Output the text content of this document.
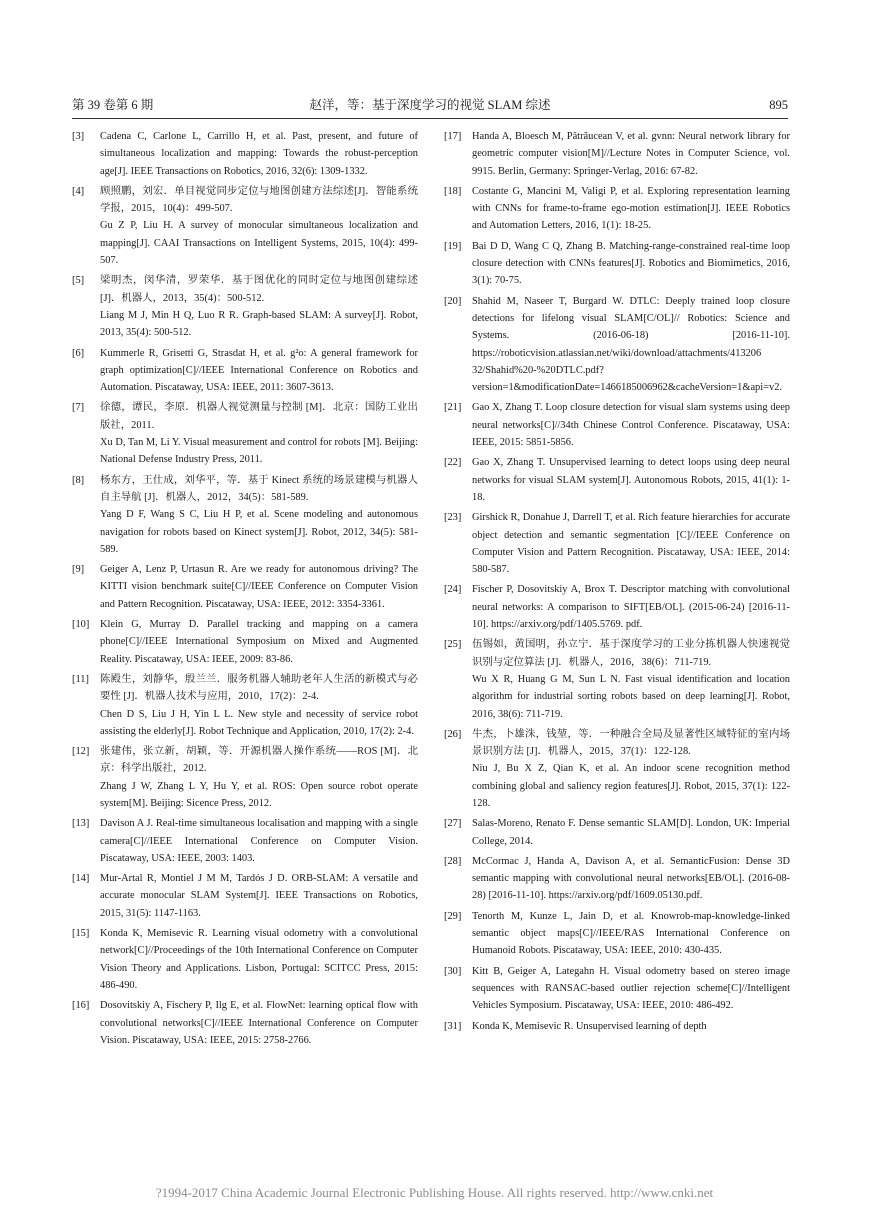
第 39 卷第 6 期	赵洋，等：基于深度学习的视觉 SLAM 综述	895
[3] Cadena C, Carlone L, Carrillo H, et al. Past, present, and future of simultaneous localization and mapping: Towards the robust-perception age[J]. IEEE Transactions on Robotics, 2016, 32(6): 1309-1332.

[4] 顾照鹏，刘宏．单目视觉同步定位与地图创建方法综述[J]．智能系统学报，2015，10(4)：499-507.

Gu Z P, Liu H. A survey of monocular simultaneous localization and mapping[J]. CAAI Transactions on Intelligent Systems, 2015, 10(4): 499-507.

[5] 梁明杰，闵华清，罗荣华．基于图优化的同时定位与地图创建综述 [J]．机器人，2013，35(4)：500-512.

Liang M J, Min H Q, Luo R R. Graph-based SLAM: A survey[J]. Robot, 2013, 35(4): 500-512.

[6] Kummerle R, Grisetti G, Strasdat H, et al. g²o: A general framework for graph optimization[C]//IEEE International Conference on Robotics and Automation. Piscataway, USA: IEEE, 2011: 3607-3613.

[7] 徐德，谭民，李原．机器人视觉测量与控制 [M]．北京：国防工业出版社，2011.

Xu D, Tan M, Li Y. Visual measurement and control for robots [M]. Beijing: National Defense Industry Press, 2011.

[8] 杨东方，王仕成，刘华平，等．基于 Kinect 系统的场景建模与机器人自主导航 [J]．机器人，2012，34(5)：581-589.

Yang D F, Wang S C, Liu H P, et al. Scene modeling and autonomous navigation for robots based on Kinect system[J]. Robot, 2012, 34(5): 581-589.

[9] Geiger A, Lenz P, Urtasun R. Are we ready for autonomous driving? The KITTI vision benchmark suite[C]//IEEE Conference on Computer Vision and Pattern Recognition. Piscataway, USA: IEEE, 2012: 3354-3361.

[10] Klein G, Murray D. Parallel tracking and mapping on a camera phone[C]//IEEE International Symposium on Mixed and Augmented Reality. Piscataway, USA: IEEE, 2009: 83-86.

[11] 陈殿生，刘静华，殷兰兰．服务机器人辅助老年人生活的新模式与必要性 [J]．机器人技术与应用，2010，17(2)：2-4.

Chen D S, Liu J H, Yin L L. New style and necessity of service robot assisting the elderly[J]. Robot Technique and Application, 2010, 17(2): 2-4.

[12] 张建伟，张立新，胡颖，等．开源机器人操作系统——ROS [M]．北京：科学出版社，2012.

Zhang J W, Zhang L Y, Hu Y, et al. ROS: Open source robot operate system[M]. Beijing: Sicence Press, 2012.

[13] Davison A J. Real-time simultaneous localisation and mapping with a single camera[C]//IEEE International Conference on Computer Vision. Piscataway, USA: IEEE, 2003: 1403.

[14] Mur-Artal R, Montiel J M M, Tardós J D. ORB-SLAM: A versatile and accurate monocular SLAM System[J]. IEEE Transactions on Robotics, 2015, 31(5): 1147-1163.

[15] Konda K, Memisevic R. Learning visual odometry with a convolutional network[C]//Proceedings of the 10th International Conference on Computer Vision Theory and Applications. Lisbon, Portugal: SCITCC Press, 2015: 486-490.

[16] Dosovitskiy A, Fischery P, Ilg E, et al. FlowNet: learning optical flow with convolutional networks[C]//IEEE International Conference on Computer Vision. Piscataway, USA: IEEE, 2015: 2758-2766.

[17] Handa A, Bloesch M, Pătrăucean V, et al. gvnn: Neural network library for geometric computer vision[M]//Lecture Notes in Computer Science, vol. 9915. Berlin, Germany: Springer-Verlag, 2016: 67-82.

[18] Costante G, Mancini M, Valigi P, et al. Exploring representation learning with CNNs for frame-to-frame ego-motion estimation[J]. IEEE Robotics and Automation Letters, 2016, 1(1): 18-25.

[19] Bai D D, Wang C Q, Zhang B. Matching-range-constrained real-time loop closure detection with CNNs features[J]. Robotics and Biomimetics, 2016, 3(1): 70-75.

[20] Shahid M, Naseer T, Burgard W. DTLC: Deeply trained loop closure detections for lifelong visual SLAM[C/OL]// Robotics: Science and Systems. (2016-06-18) [2016-11-10]. https://roboticvision.atlassian.net/wiki/download/attachments/413206 32/Shahid%20-%20DTLC.pdf?version=1&modificationDate=1466185006962&cacheVersion=1&api=v2.

[21] Gao X, Zhang T. Loop closure detection for visual slam systems using deep neural networks[C]//34th Chinese Control Conference. Piscataway, USA: IEEE, 2015: 5851-5856.

[22] Gao X, Zhang T. Unsupervised learning to detect loops using deep neural networks for visual SLAM system[J]. Autonomous Robots, 2015, 41(1): 1-18.

[23] Girshick R, Donahue J, Darrell T, et al. Rich feature hierarchies for accurate object detection and semantic segmentation [C]//IEEE Conference on Computer Vision and Pattern Recognition. Piscataway, USA: IEEE, 2014: 580-587.

[24] Fischer P, Dosovitskiy A, Brox T. Descriptor matching with convolutional neural networks: A comparison to SIFT[EB/OL]. (2015-06-24) [2016-11-10]. https://arxiv.org/pdf/1405.5769. pdf.

[25] 伍锡如，黄国明，孙立宁．基于深度学习的工业分拣机器人快速视觉识别与定位算法 [J]．机器人，2016，38(6)：711-719.

Wu X R, Huang G M, Sun L N. Fast visual identification and location algorithm for industrial sorting robots based on deep learning[J]. Robot, 2016, 38(6): 711-719.

[26] 牛杰，卜雄洙，钱堃，等．一种融合全局及显著性区域特征的室内场景识别方法 [J]．机器人，2015，37(1)：122-128.

Niu J, Bu X Z, Qian K, et al. An indoor scene recognition method combining global and saliency region features[J]. Robot, 2015, 37(1): 122-128.

[27] Salas-Moreno, Renato F. Dense semantic SLAM[D]. London, UK: Imperial College, 2014.

[28] McCormac J, Handa A, Davison A, et al. SemanticFusion: Dense 3D semantic mapping with convolutional neural networks[EB/OL]. (2016-08-28) [2016-11-10]. https://arxiv.org/pdf/1609.05130.pdf.

[29] Tenorth M, Kunze L, Jain D, et al. Knowrob-map-knowledge-linked semantic object maps[C]//IEEE/RAS International Conference on Humanoid Robots. Piscataway, USA: IEEE, 2010: 430-435.

[30] Kitt B, Geiger A, Lategahn H. Visual odometry based on stereo image sequences with RANSAC-based outlier rejection scheme[C]//Intelligent Vehicles Symposium. Piscataway, USA: IEEE, 2010: 486-492.

[31] Konda K, Memisevic R. Unsupervised learning of depth

?1994-2017 China Academic Journal Electronic Publishing House. All rights reserved. http://www.cnki.net
